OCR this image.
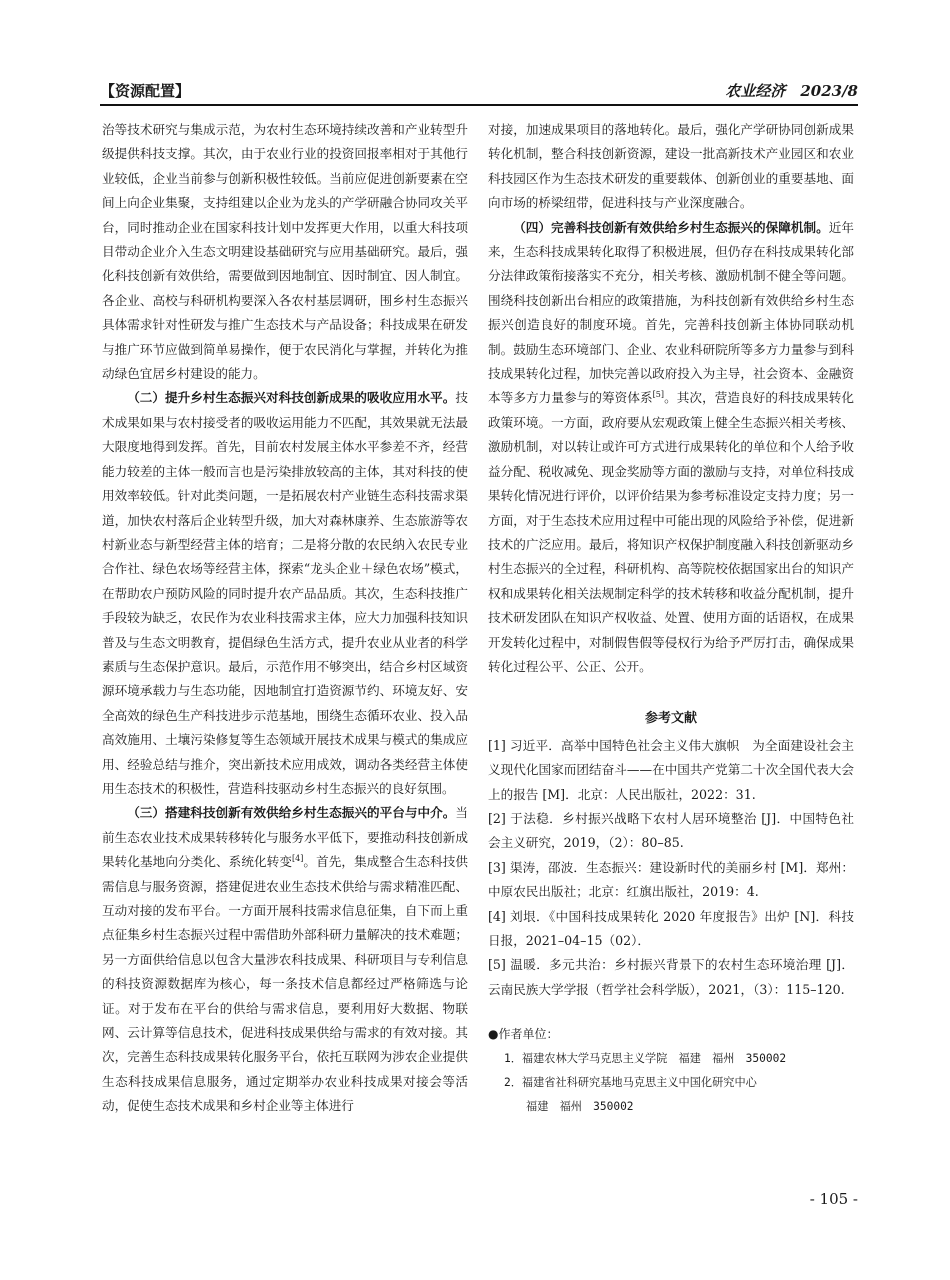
【资源配置】	农业经济　2023/8

治等技术研究与集成示范，为农村生态环境持续改善和产业转型升级提供科技支撑。其次，由于农业行业的投资回报率相对于其他行业较低，企业当前参与创新积极性较低。当前应促进创新要素在空间上向企业集聚，支持组建以企业为龙头的产学研融合协同攻关平台，同时推动企业在国家科技计划中发挥更大作用，以重大科技项目带动企业介入生态文明建设基础研究与应用基础研究。最后，强化科技创新有效供给，需要做到因地制宜、因时制宜、因人制宜。各企业、高校与科研机构要深入各农村基层调研，围乡村生态振兴具体需求针对性研发与推广生态技术与产品设备；科技成果在研发与推广环节应做到简单易操作，便于农民消化与掌握，并转化为推动绿色宜居乡村建设的能力。

（二）提升乡村生态振兴对科技创新成果的吸收应用水平。技术成果如果与农村接受者的吸收运用能力不匹配，其效果就无法最大限度地得到发挥。首先，目前农村发展主体水平参差不齐，经营能力较差的主体一般而言也是污染排放较高的主体，其对科技的使用效率较低。针对此类问题，一是拓展农村产业链生态科技需求渠道，加快农村落后企业转型升级，加大对森林康养、生态旅游等农村新业态与新型经营主体的培育；二是将分散的农民纳入农民专业合作社、绿色农场等经营主体，探索“龙头企业＋绿色农场”模式，在帮助农户预防风险的同时提升农产品品质。其次，生态科技推广手段较为缺乏，农民作为农业科技需求主体，应大力加强科技知识普及与生态文明教育，提倡绿色生活方式，提升农业从业者的科学素质与生态保护意识。最后，示范作用不够突出，结合乡村区域资源环境承载力与生态功能，因地制宜打造资源节约、环境友好、安全高效的绿色生产科技进步示范基地，围绕生态循环农业、投入品高效施用、土壤污染修复等生态领域开展技术成果与模式的集成应用、经验总结与推介，突出新技术应用成效，调动各类经营主体使用生态技术的积极性，营造科技驱动乡村生态振兴的良好氛围。

（三）搭建科技创新有效供给乡村生态振兴的平台与中介。当前生态农业技术成果转移转化与服务水平低下，要推动科技创新成果转化基地向分类化、系统化转变[4]。首先，集成整合生态科技供需信息与服务资源，搭建促进农业生态技术供给与需求精准匹配、互动对接的发布平台。一方面开展科技需求信息征集，自下而上重点征集乡村生态振兴过程中需借助外部科研力量解决的技术难题；另一方面供给信息以包含大量涉农科技成果、科研项目与专利信息的科技资源数据库为核心，每一条技术信息都经过严格筛选与论证。对于发布在平台的供给与需求信息，要利用好大数据、物联网、云计算等信息技术，促进科技成果供给与需求的有效对接。其次，完善生态科技成果转化服务平台，依托互联网为涉农企业提供生态科技成果信息服务，通过定期举办农业科技成果对接会等活动，促使生态技术成果和乡村企业等主体进行

对接，加速成果项目的落地转化。最后，强化产学研协同创新成果转化机制，整合科技创新资源，建设一批高新技术产业园区和农业科技园区作为生态技术研发的重要载体、创新创业的重要基地、面向市场的桥梁纽带，促进科技与产业深度融合。

（四）完善科技创新有效供给乡村生态振兴的保障机制。近年来，生态科技成果转化取得了积极进展，但仍存在科技成果转化部分法律政策衔接落实不充分，相关考核、激励机制不健全等问题。围绕科技创新出台相应的政策措施，为科技创新有效供给乡村生态振兴创造良好的制度环境。首先，完善科技创新主体协同联动机制。鼓励生态环境部门、企业、农业科研院所等多方力量参与到科技成果转化过程，加快完善以政府投入为主导，社会资本、金融资本等多方力量参与的筹资体系[5]。其次，营造良好的科技成果转化政策环境。一方面，政府要从宏观政策上健全生态振兴相关考核、激励机制，对以转让或许可方式进行成果转化的单位和个人给予收益分配、税收减免、现金奖励等方面的激励与支持，对单位科技成果转化情况进行评价，以评价结果为参考标准设定支持力度；另一方面，对于生态技术应用过程中可能出现的风险给予补偿，促进新技术的广泛应用。最后，将知识产权保护制度融入科技创新驱动乡村生态振兴的全过程，科研机构、高等院校依据国家出台的知识产权和成果转化相关法规制定科学的技术转移和收益分配机制，提升技术研发团队在知识产权收益、处置、使用方面的话语权，在成果开发转化过程中，对制假售假等侵权行为给予严厉打击，确保成果转化过程公平、公正、公开。

参考文献

[1] 习近平．高举中国特色社会主义伟大旗帜　为全面建设社会主义现代化国家而团结奋斗——在中国共产党第二十次全国代表大会上的报告 [M]．北京：人民出版社，2022：31.

[2] 于法稳．乡村振兴战略下农村人居环境整治 [J]．中国特色社会主义研究，2019，（2）：80–85.

[3] 渠涛，邵波．生态振兴：建设新时代的美丽乡村 [M]．郑州：中原农民出版社；北京：红旗出版社，2019：4.

[4] 刘垠．《中国科技成果转化 2020 年度报告》出炉 [N]．科技日报，2021–04–15（02）．

[5] 温暖．多元共治：乡村振兴背景下的农村生态环境治理 [J]．云南民族大学学报（哲学社会科学版），2021，（3）：115–120.

●作者单位：
1．福建农林大学马克思主义学院　福建　福州　350002
2．福建省社科研究基地马克思主义中国化研究中心
福建　福州　350002
- 105 -
